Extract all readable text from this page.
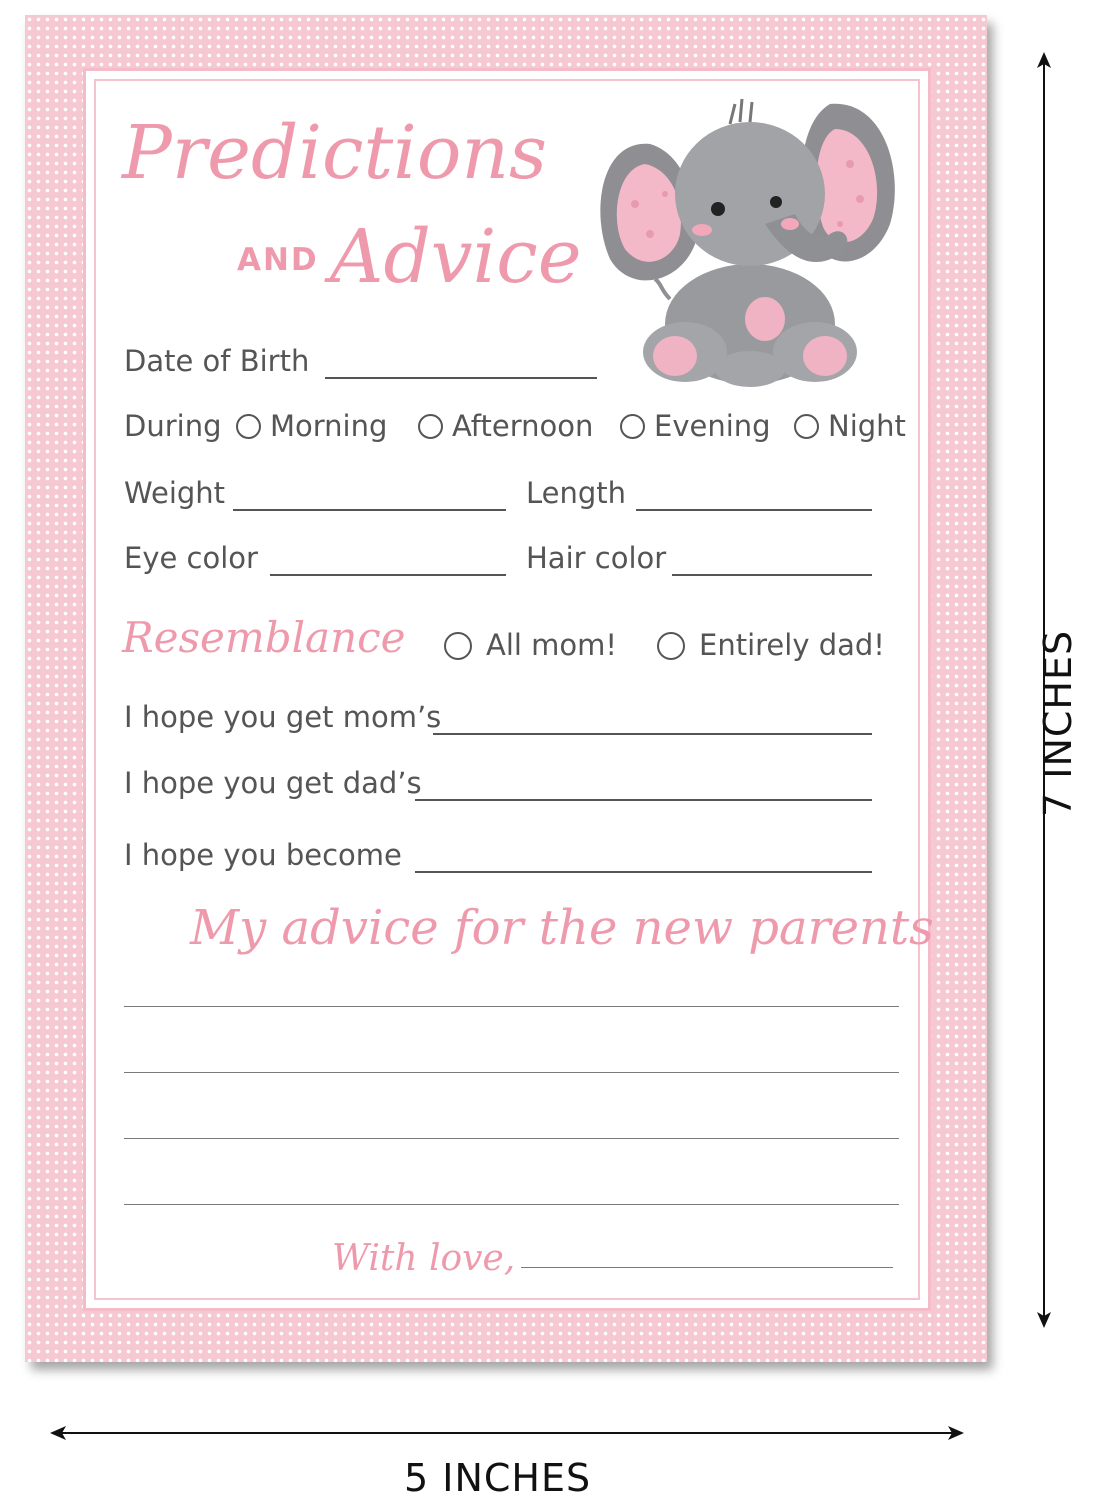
Predictions
AND Advice
Date of Birth
During Morning Afternoon Evening Night
Weight	Length
Eye color	Hair color
Resemblance	All mom!	Entirely dad!
I hope you get mom’s
I hope you get dad’s
I hope you become
My advice for the new parents
With love,
7 INCHES
5 INCHES
